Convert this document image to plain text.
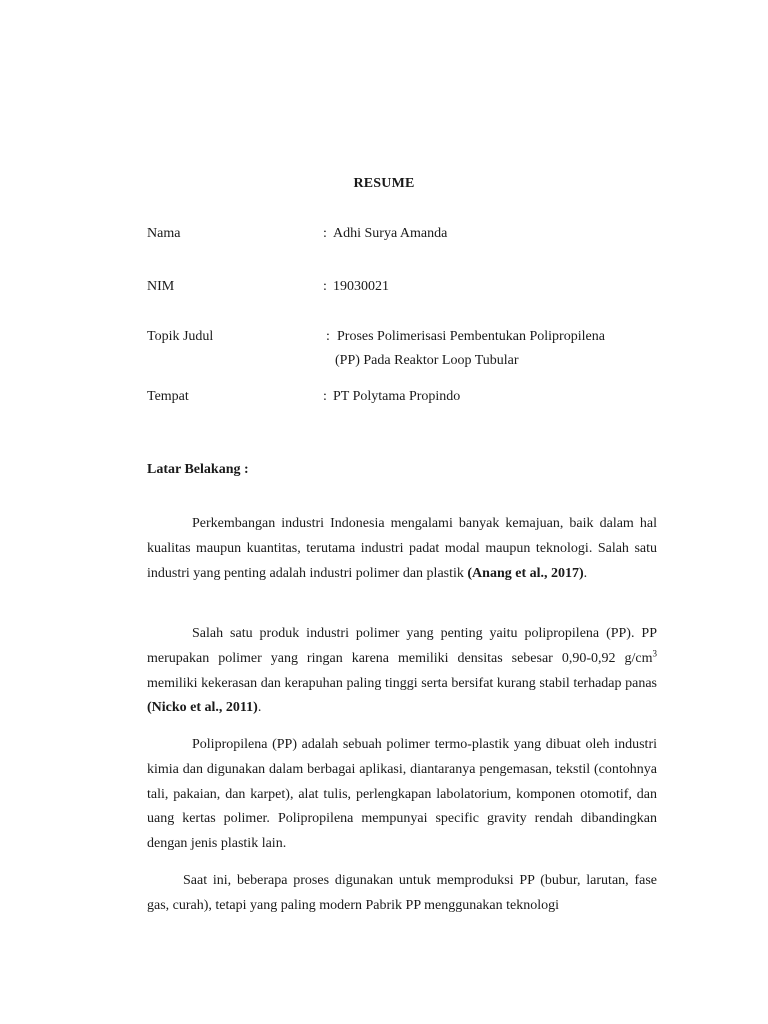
RESUME
Nama	: Adhi Surya Amanda
NIM	: 19030021
Topik Judul	: Proses Polimerisasi Pembentukan Polipropilena
(PP) Pada Reaktor Loop Tubular
Tempat	: PT Polytama Propindo
Latar Belakang :
Perkembangan industri Indonesia mengalami banyak kemajuan, baik dalam hal kualitas maupun kuantitas, terutama industri padat modal maupun teknologi. Salah satu industri yang penting adalah industri polimer dan plastik (Anang et al., 2017).
Salah satu produk industri polimer yang penting yaitu polipropilena (PP). PP merupakan polimer yang ringan karena memiliki densitas sebesar 0,90-0,92 $g/cm^3$ memiliki kekerasan dan kerapuhan paling tinggi serta bersifat kurang stabil terhadap panas (Nicko et al., 2011).
Polipropilena (PP) adalah sebuah polimer termo-plastik yang dibuat oleh industri kimia dan digunakan dalam berbagai aplikasi, diantaranya pengemasan, tekstil (contohnya tali, pakaian, dan karpet), alat tulis, perlengkapan labolatorium, komponen otomotif, dan uang kertas polimer. Polipropilena mempunyai specific gravity rendah dibandingkan dengan jenis plastik lain.
Saat ini, beberapa proses digunakan untuk memproduksi PP (bubur, larutan, fase gas, curah), tetapi yang paling modern Pabrik PP menggunakan teknologi
